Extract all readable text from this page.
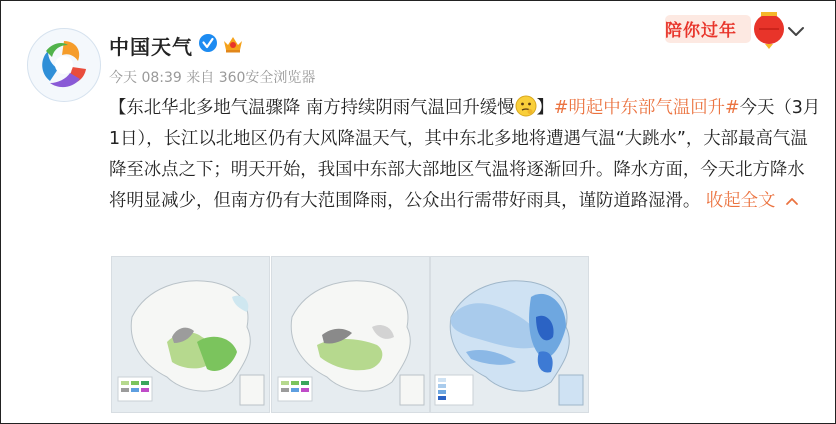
中国天气
今天 08:39 来自 360安全浏览器
陪你过年
【东北华北多地气温骤降 南方持续阴雨气温回升缓慢 】#明起中东部气温回升#今天（3月1日），长江以北地区仍有大风降温天气，其中东北多地将遭遇气温“大跳水”，大部最高气温降至冰点之下；明天开始，我国中东部大部地区气温将逐渐回升。降水方面，今天北方降水将明显减少，但南方仍有大范围降雨，公众出行需带好雨具，谨防道路湿滑。 收起全文
